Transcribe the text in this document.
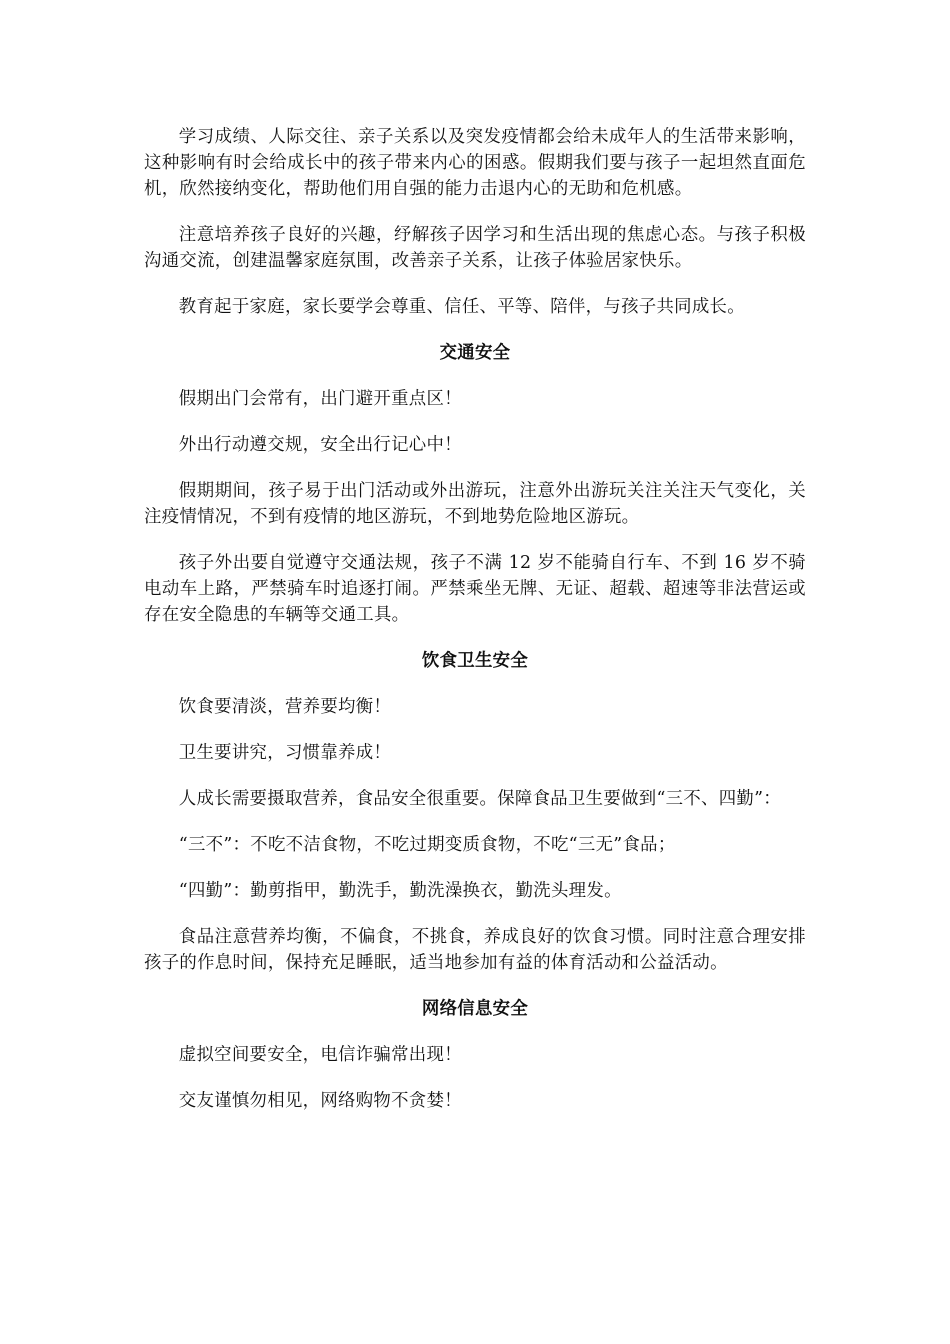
学习成绩、人际交往、亲子关系以及突发疫情都会给未成年人的生活带来影响，这种影响有时会给成长中的孩子带来内心的困惑。假期我们要与孩子一起坦然直面危机，欣然接纳变化，帮助他们用自强的能力击退内心的无助和危机感。

注意培养孩子良好的兴趣，纾解孩子因学习和生活出现的焦虑心态。与孩子积极沟通交流，创建温馨家庭氛围，改善亲子关系，让孩子体验居家快乐。

教育起于家庭，家长要学会尊重、信任、平等、陪伴，与孩子共同成长。

交通安全

假期出门会常有，出门避开重点区！

外出行动遵交规，安全出行记心中！

假期期间，孩子易于出门活动或外出游玩，注意外出游玩关注关注天气变化，关注疫情情况，不到有疫情的地区游玩，不到地势危险地区游玩。

孩子外出要自觉遵守交通法规，孩子不满 12 岁不能骑自行车、不到 16 岁不骑电动车上路，严禁骑车时追逐打闹。严禁乘坐无牌、无证、超载、超速等非法营运或存在安全隐患的车辆等交通工具。

饮食卫生安全

饮食要清淡，营养要均衡！

卫生要讲究，习惯靠养成！

人成长需要摄取营养，食品安全很重要。保障食品卫生要做到“三不、四勤”：

“三不”：不吃不洁食物，不吃过期变质食物，不吃“三无”食品；

“四勤”：勤剪指甲，勤洗手，勤洗澡换衣，勤洗头理发。

食品注意营养均衡，不偏食，不挑食，养成良好的饮食习惯。同时注意合理安排孩子的作息时间，保持充足睡眠，适当地参加有益的体育活动和公益活动。

网络信息安全

虚拟空间要安全，电信诈骗常出现！

交友谨慎勿相见，网络购物不贪婪！
